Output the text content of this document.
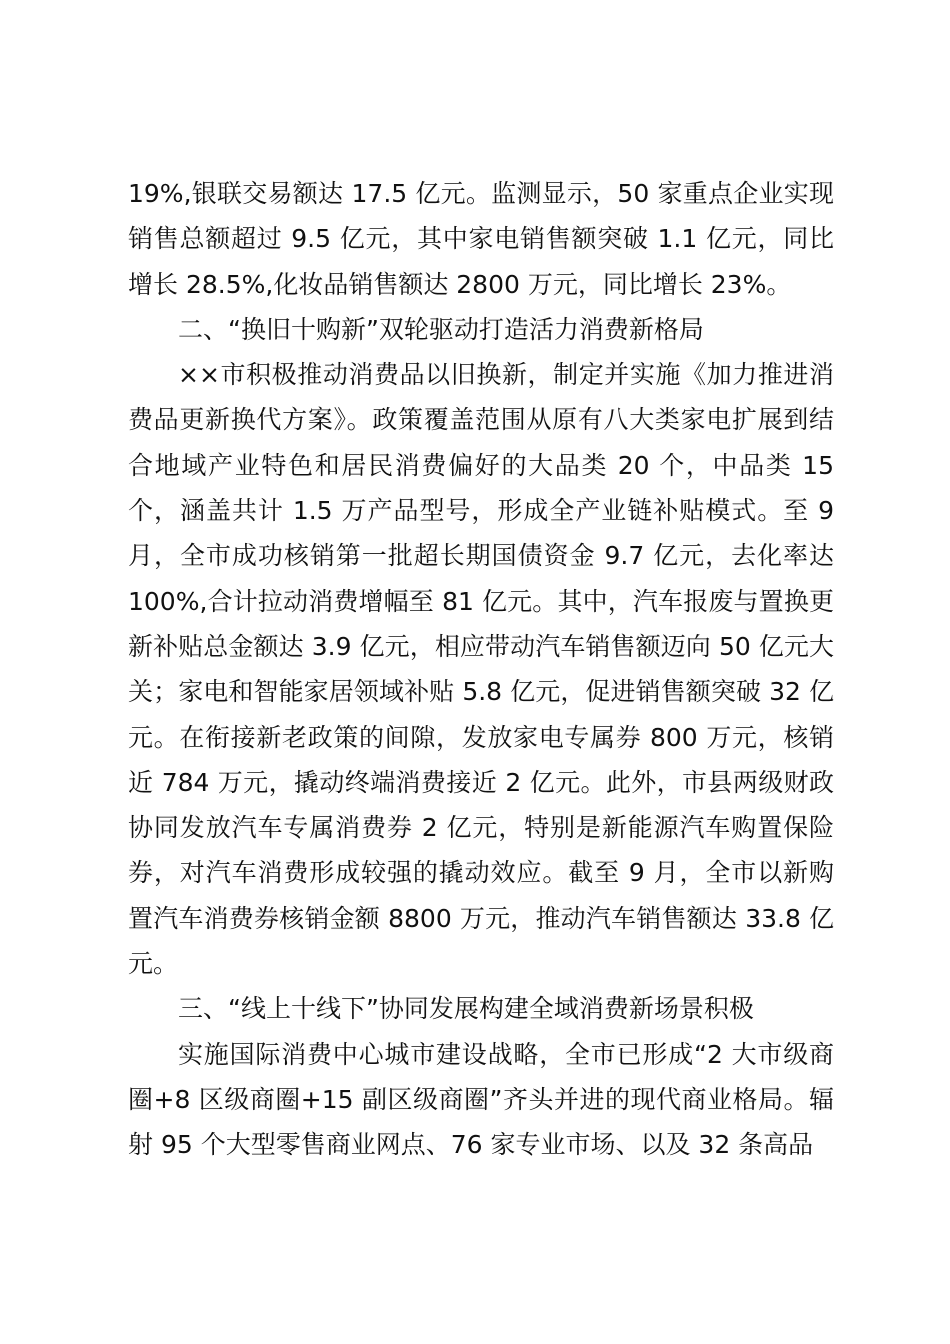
19%,银联交易额达 17.5 亿元。监测显示，50 家重点企业实现销售总额超过 9.5 亿元，其中家电销售额突破 1.1 亿元，同比增长 28.5%,化妆品销售额达 2800 万元，同比增长 23%。

二、“换旧十购新”双轮驱动打造活力消费新格局

××市积极推动消费品以旧换新，制定并实施《加力推进消费品更新换代方案》。政策覆盖范围从原有八大类家电扩展到结合地域产业特色和居民消费偏好的大品类 20 个，中品类 15 个，涵盖共计 1.5 万产品型号，形成全产业链补贴模式。至 9 月，全市成功核销第一批超长期国债资金 9.7 亿元，去化率达 100%,合计拉动消费增幅至 81 亿元。其中，汽车报废与置换更新补贴总金额达 3.9 亿元，相应带动汽车销售额迈向 50 亿元大关；家电和智能家居领域补贴 5.8 亿元，促进销售额突破 32 亿元。在衔接新老政策的间隙，发放家电专属券 800 万元，核销近 784 万元，撬动终端消费接近 2 亿元。此外，市县两级财政协同发放汽车专属消费券 2 亿元，特别是新能源汽车购置保险券，对汽车消费形成较强的撬动效应。截至 9 月，全市以新购置汽车消费券核销金额 8800 万元，推动汽车销售额达 33.8 亿元。

三、“线上十线下”协同发展构建全域消费新场景积极

实施国际消费中心城市建设战略，全市已形成“2 大市级商圈+8 区级商圈+15 副区级商圈”齐头并进的现代商业格局。辐射 95 个大型零售商业网点、76 家专业市场、以及 32 条高品
